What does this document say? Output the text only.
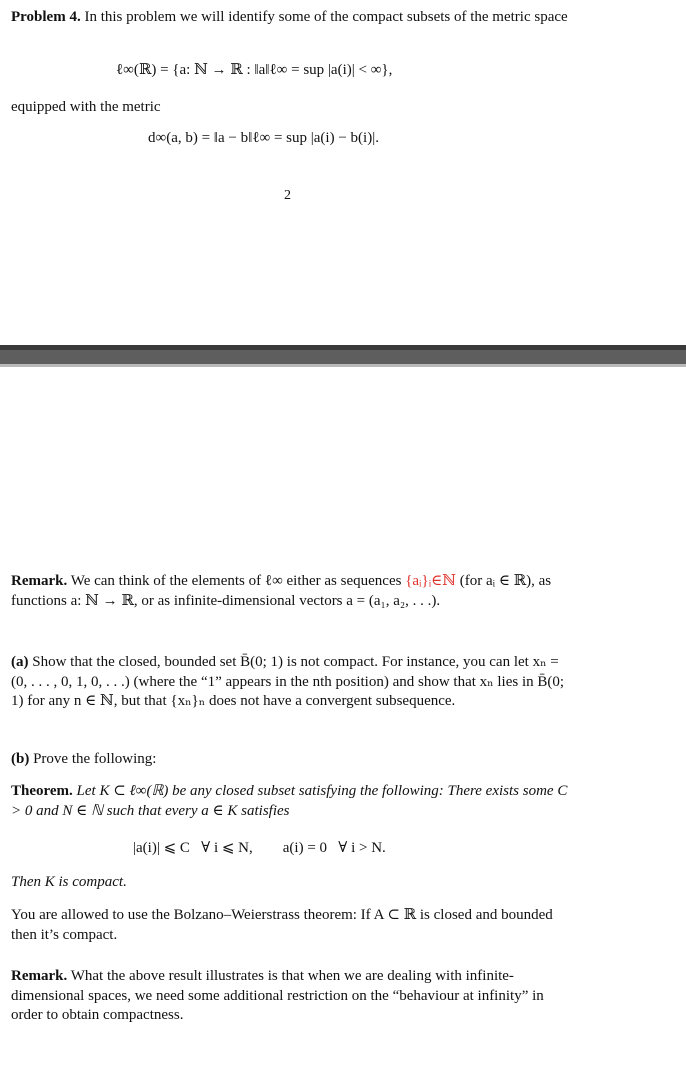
Problem 4. In this problem we will identify some of the compact subsets of the metric space
ℓ∞(ℝ) = {a: ℕ → ℝ : ‖a‖ℓ∞ = sup |a(i)| < ∞},
equipped with the metric
d∞(a, b) = ‖a − b‖ℓ∞ = sup |a(i) − b(i)|.
2
Remark. We can think of the elements of ℓ∞ either as sequences {aᵢ}ᵢ∈ℕ (for aᵢ ∈ ℝ), as functions a: ℕ → ℝ, or as infinite-dimensional vectors a = (a₁, a₂, . . .).
(a) Show that the closed, bounded set B̄(0; 1) is not compact. For instance, you can let xₙ = (0, . . . , 0, 1, 0, . . .) (where the “1” appears in the nth position) and show that xₙ lies in B̄(0; 1) for any n ∈ ℕ, but that {xₙ}ₙ does not have a convergent subsequence.
(b) Prove the following:
Theorem. Let K ⊂ ℓ∞(ℝ) be any closed subset satisfying the following: There exists some C > 0 and N ∈ ℕ such that every a ∈ K satisfies
|a(i)| ⩽ C   ∀ i ⩽ N,        a(i) = 0   ∀ i > N.
Then K is compact.
You are allowed to use the Bolzano–Weierstrass theorem: If A ⊂ ℝ is closed and bounded then it’s compact.
Remark. What the above result illustrates is that when we are dealing with infinite-dimensional spaces, we need some additional restriction on the “behaviour at infinity” in order to obtain compactness.
